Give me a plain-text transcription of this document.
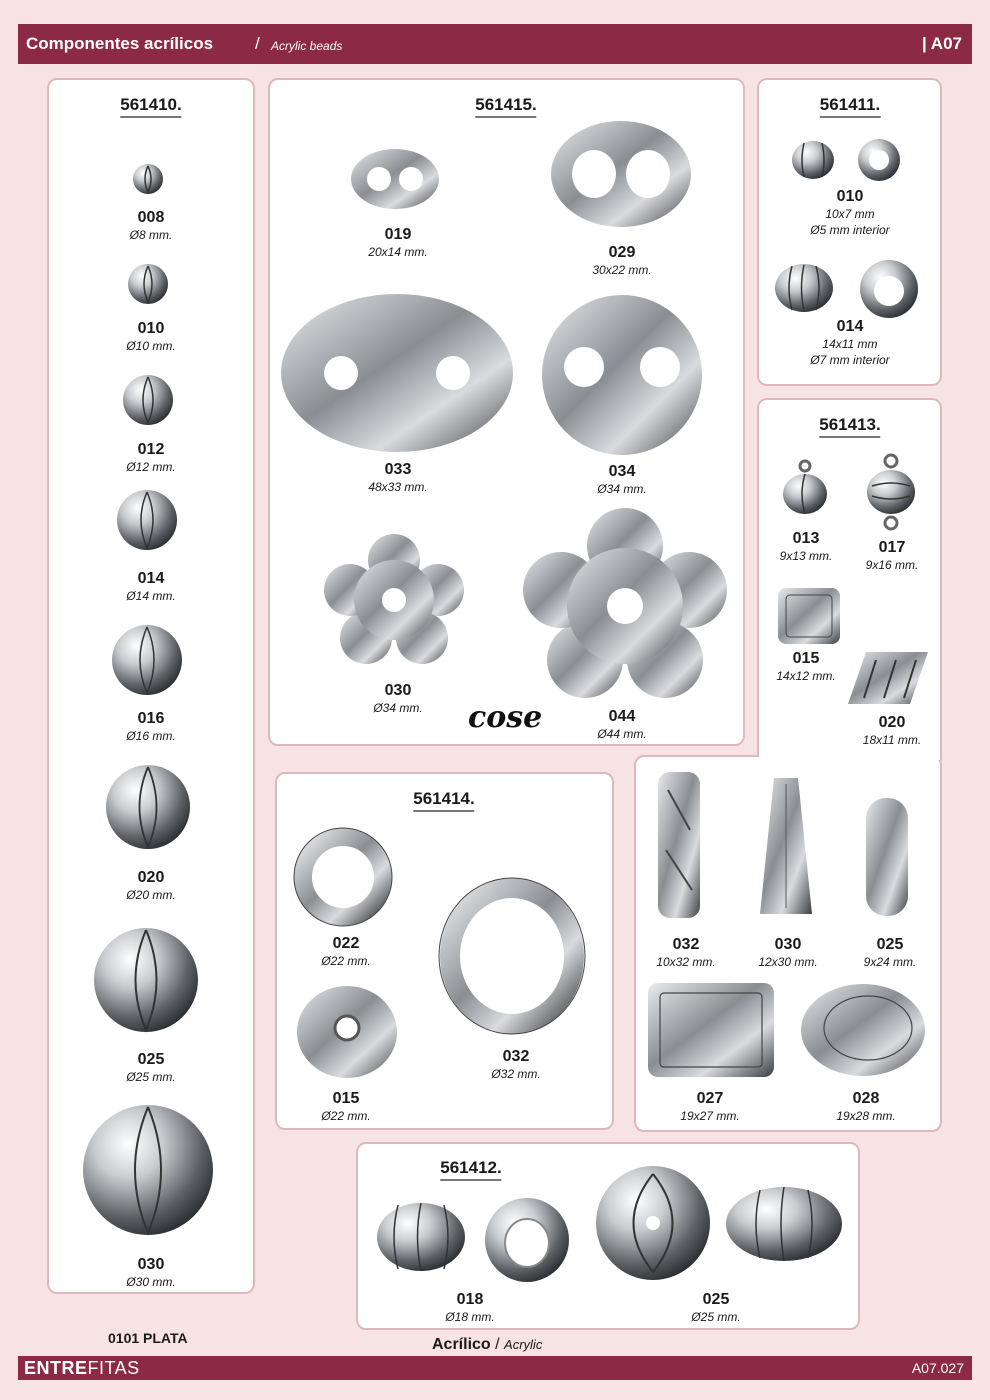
Componentes acrílicos / Acrylic beads	| A07
561410.
008
Ø8 mm.
010
Ø10 mm.
012
Ø12 mm.
014
Ø14 mm.
016
Ø16 mm.
020
Ø20 mm.
025
Ø25 mm.
030
Ø30 mm.
0101 PLATA
561415.
019
20x14 mm.	029
30x22 mm.
033
48x33 mm.
034
Ø34 mm.
030
Ø34 mm.	044
Ø44 mm.
cose
561411.
010
10x7 mm
Ø5 mm interior
014
14x11 mm
Ø7 mm interior
561413.
013
9x13 mm.	017
9x16 mm.
015
14x12 mm.
020
18x11 mm.
032
10x32 mm.
030
12x30 mm.
025
9x24 mm.
027
19x27 mm.
028
19x28 mm.
561414.
022
Ø22 mm.
015
Ø22 mm.
032
Ø32 mm.
561412.
018
Ø18 mm.
025
Ø25 mm.
Acrílico / Acrylic
ENTREFITAS	A07.027
